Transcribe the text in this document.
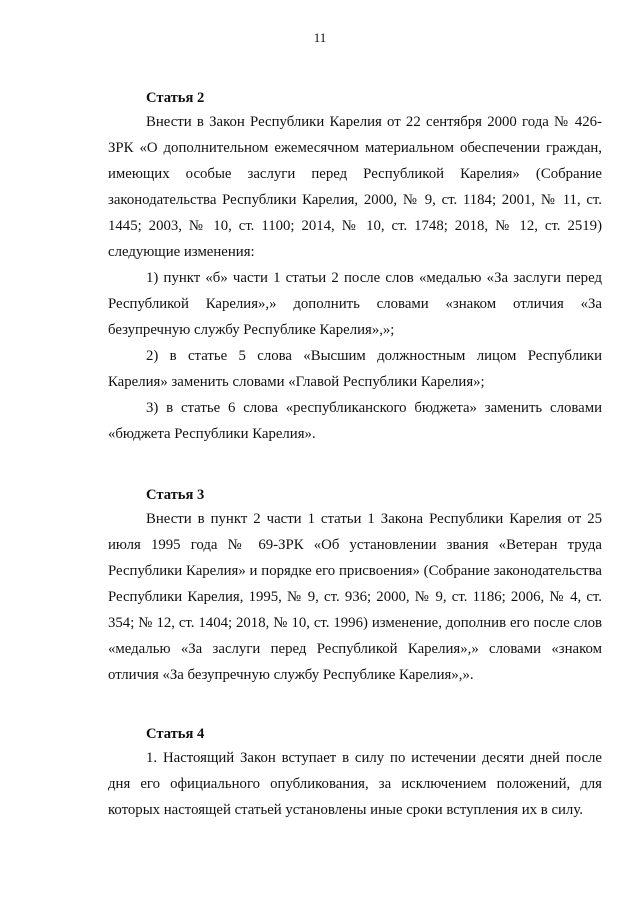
11

Статья 2

Внести в Закон Республики Карелия от 22 сентября 2000 года № 426-ЗРК «О дополнительном ежемесячном материальном обеспечении граждан, имеющих особые заслуги перед Республикой Карелия» (Собрание законодательства Республики Карелия, 2000, № 9, ст. 1184; 2001, № 11, ст. 1445; 2003, № 10, ст. 1100; 2014, № 10, ст. 1748; 2018, № 12, ст. 2519) следующие изменения:

1) пункт «б» части 1 статьи 2 после слов «медалью «За заслуги перед Республикой Карелия»,» дополнить словами «знаком отличия «За безупречную службу Республике Карелия»,»;

2) в статье 5 слова «Высшим должностным лицом Республики Карелия» заменить словами «Главой Республики Карелия»;

3) в статье 6 слова «республиканского бюджета» заменить словами «бюджета Республики Карелия».

Статья 3

Внести в пункт 2 части 1 статьи 1 Закона Республики Карелия от 25 июля 1995 года № 69-ЗРК «Об установлении звания «Ветеран труда Республики Карелия» и порядке его присвоения» (Собрание законодательства Республики Карелия, 1995, № 9, ст. 936; 2000, № 9, ст. 1186; 2006, № 4, ст. 354; № 12, ст. 1404; 2018, № 10, ст. 1996) изменение, дополнив его после слов «медалью «За заслуги перед Республикой Карелия»,» словами «знаком отличия «За безупречную службу Республике Карелия»,».

Статья 4

1. Настоящий Закон вступает в силу по истечении десяти дней после дня его официального опубликования, за исключением положений, для которых настоящей статьей установлены иные сроки вступления их в силу.
